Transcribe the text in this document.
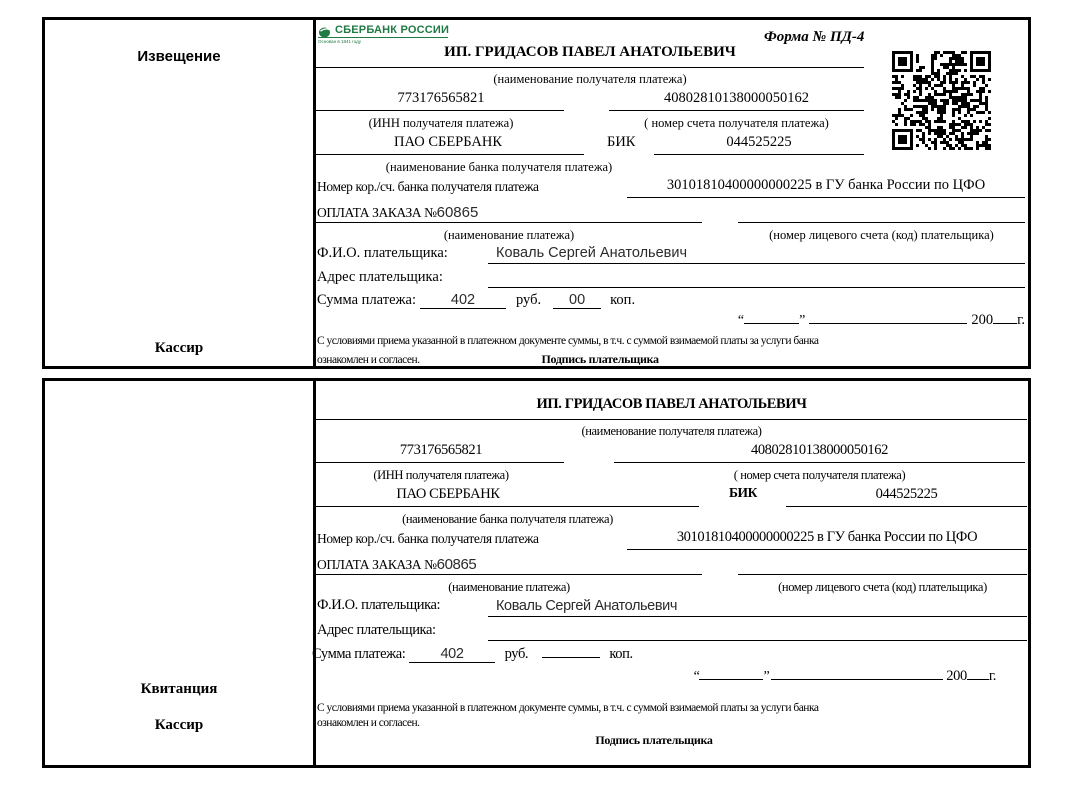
Извещение
Кассир
СБЕРБАНК РОССИИ
Основан в 1841 году	Форма № ПД-4
ИП. ГРИДАСОВ ПАВЕЛ АНАТОЛЬЕВИЧ
(наименование получателя платежа)
773176565821	40802810138000050162
(ИНН получателя платежа)	( номер счета получателя платежа)
ПАО СБЕРБАНК	БИК	044525225
(наименование банка получателя платежа)
Номер кор./сч. банка получателя платежа	30101810400000000225 в ГУ банка России по ЦФО
ОПЛАТА ЗАКАЗА №60865
(наименование платежа)	(номер лицевого счета (код) плательщика)
Ф.И.О. плательщика:	Коваль Сергей Анатольевич
Адрес плательщика:
Сумма платежа: 402	руб. 00 коп.
“	”	200 г.
С условиями приема указанной в платежном документе суммы, в т.ч. с суммой взимаемой платы за услуги банка
ознакомлен и согласен.	Подпись плательщика
Квитанция
Кассир
ИП. ГРИДАСОВ ПАВЕЛ АНАТОЛЬЕВИЧ
(наименование получателя платежа)
773176565821	40802810138000050162
(ИНН получателя платежа)	( номер счета получателя платежа)
ПАО СБЕРБАНК	БИК	044525225
(наименование банка получателя платежа)
Номер кор./сч. банка получателя платежа	30101810400000000225 в ГУ банка России по ЦФО
ОПЛАТА ЗАКАЗА №60865
(наименование платежа)	(номер лицевого счета (код) плательщика)
Ф.И.О. плательщика:	Коваль Сергей Анатольевич
Адрес плательщика:
Сумма платежа: 402	руб.	коп.
“	”	200 г.
С условиями приема указанной в платежном документе суммы, в т.ч. с суммой взимаемой платы за услуги банка
ознакомлен и согласен.
Подпись плательщика
